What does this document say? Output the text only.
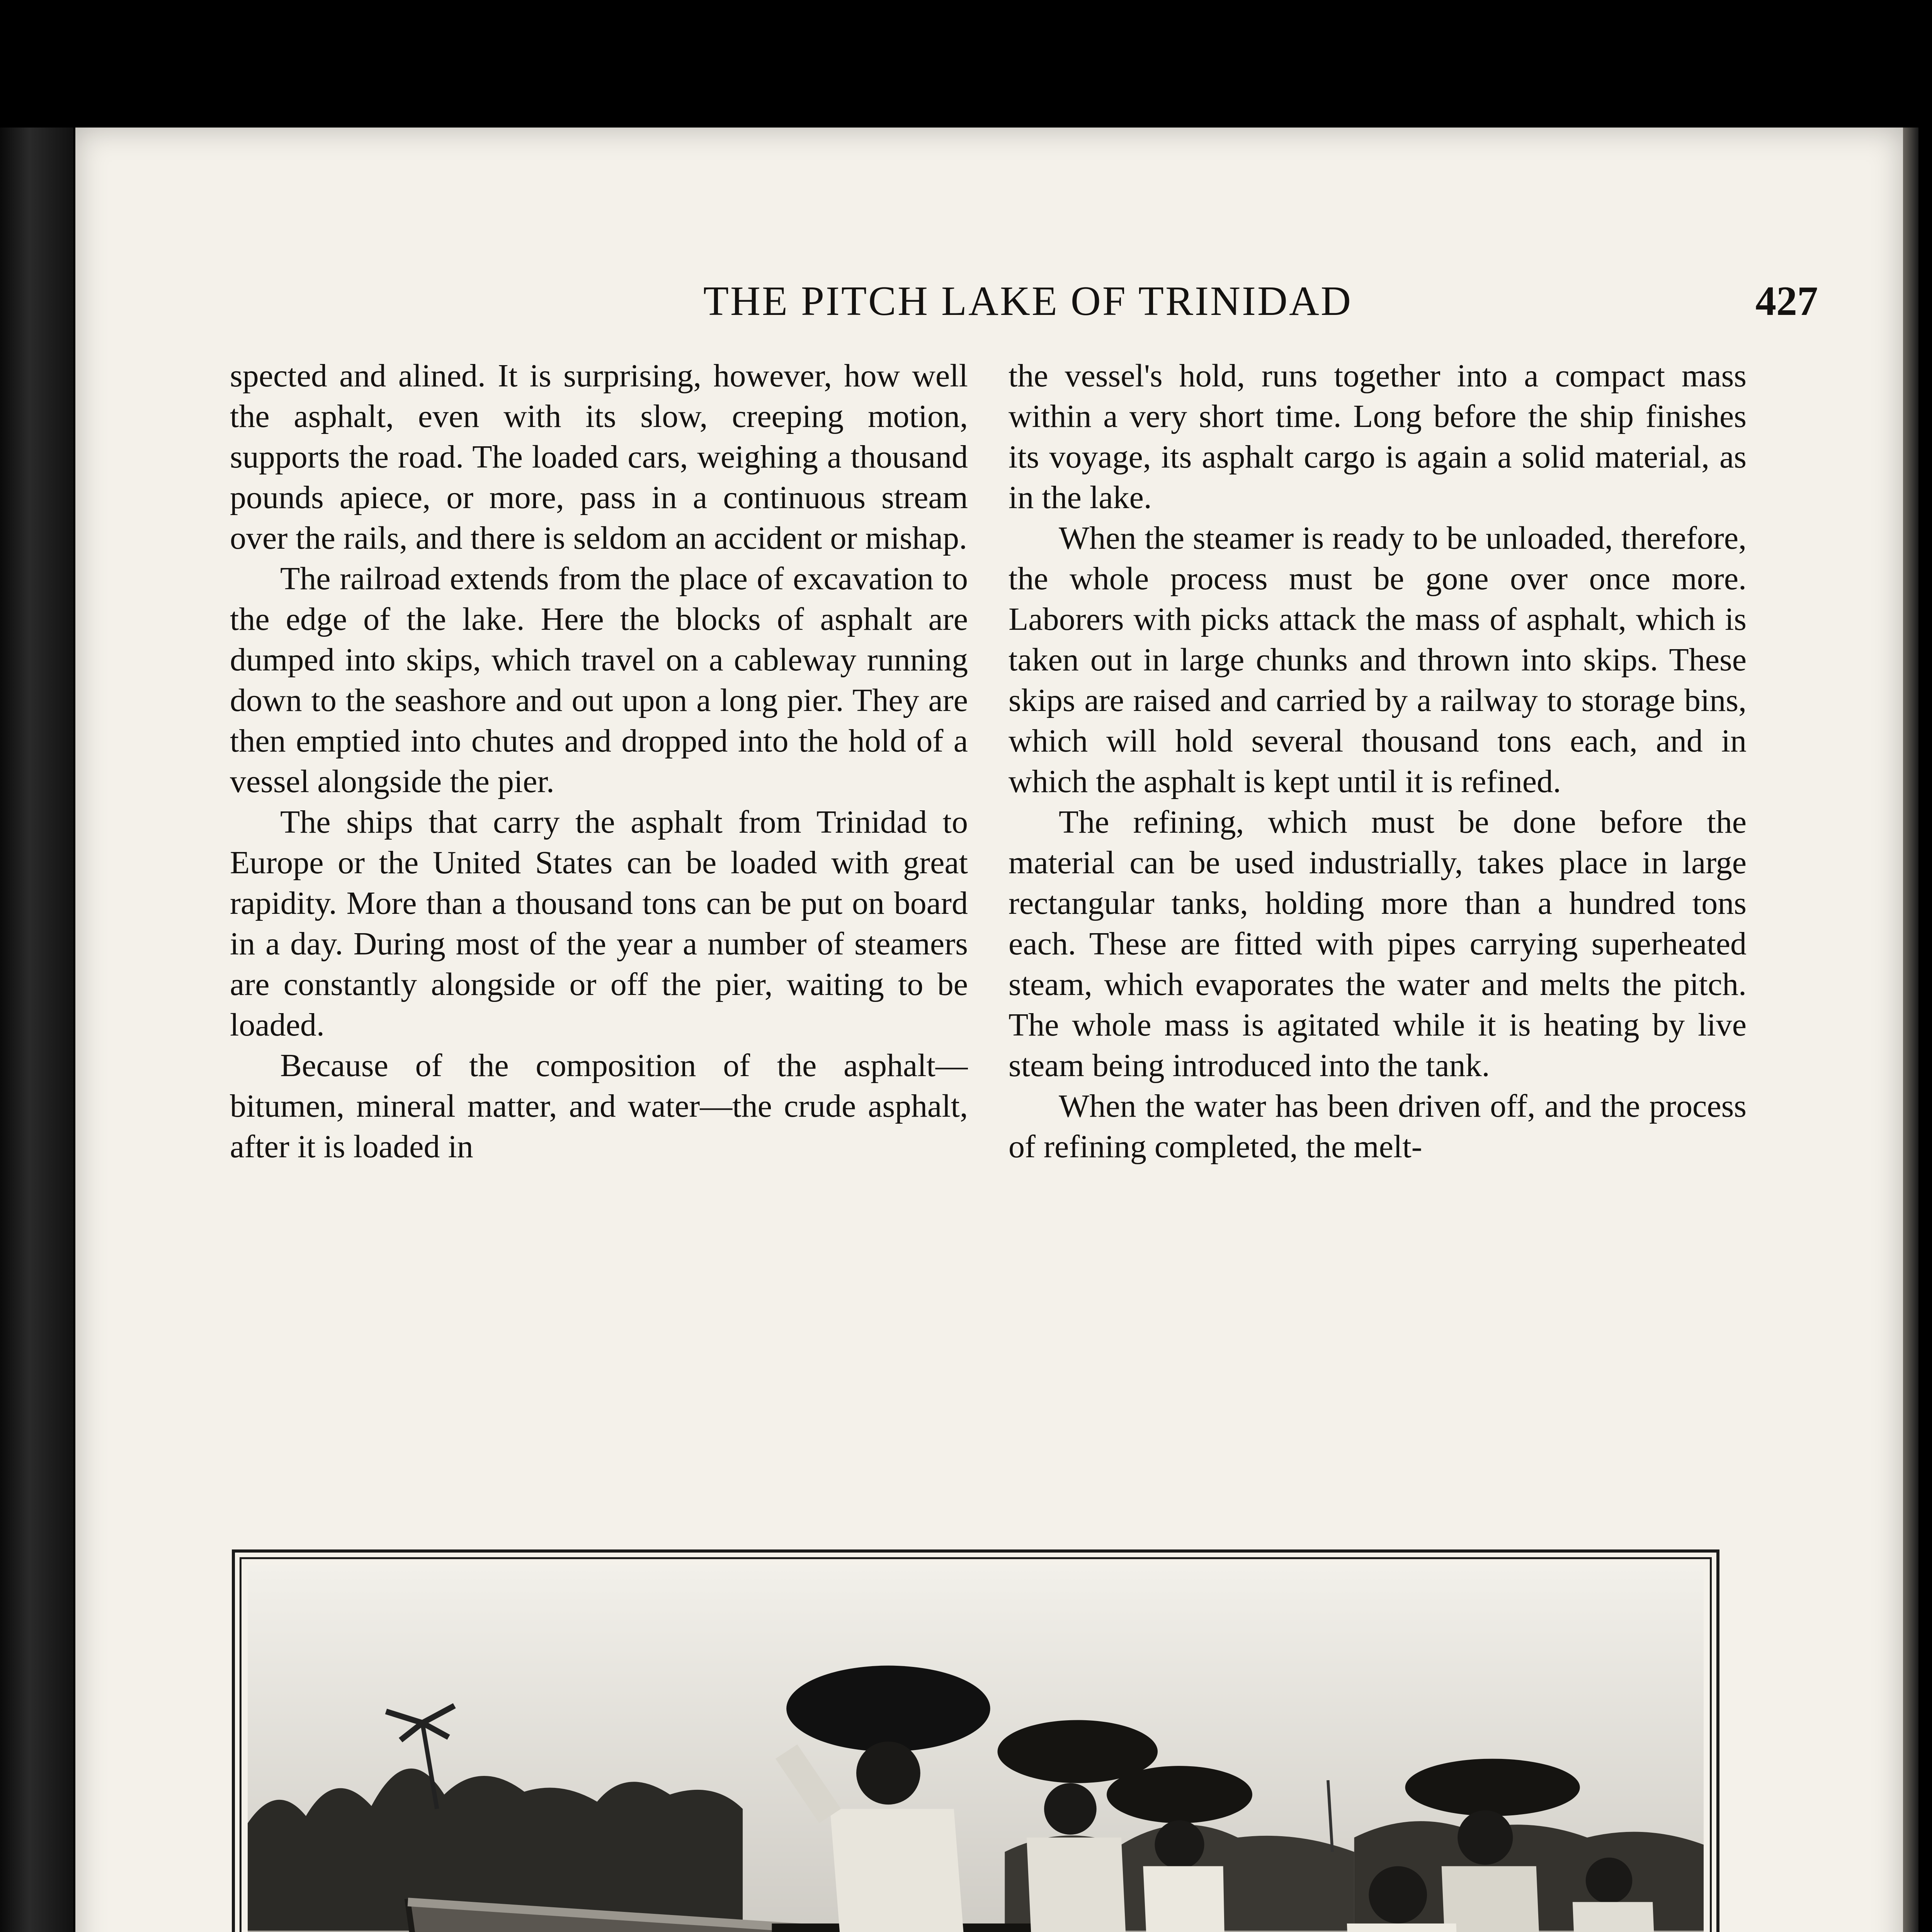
THE PITCH LAKE OF TRINIDAD	427

spected and alined. It is surprising, however, how well the asphalt, even with its slow, creeping motion, supports the road. The loaded cars, weighing a thousand pounds apiece, or more, pass in a continuous stream over the rails, and there is seldom an accident or mishap.

The railroad extends from the place of excavation to the edge of the lake. Here the blocks of asphalt are dumped into skips, which travel on a cableway running down to the seashore and out upon a long pier. They are then emptied into chutes and dropped into the hold of a vessel alongside the pier.

The ships that carry the asphalt from Trinidad to Europe or the United States can be loaded with great rapidity. More than a thousand tons can be put on board in a day. During most of the year a number of steamers are constantly alongside or off the pier, waiting to be loaded.

Because of the composition of the asphalt—bitumen, mineral matter, and water—the crude asphalt, after it is loaded in

the vessel's hold, runs together into a compact mass within a very short time. Long before the ship finishes its voyage, its asphalt cargo is again a solid material, as in the lake.

When the steamer is ready to be unloaded, therefore, the whole process must be gone over once more. Laborers with picks attack the mass of asphalt, which is taken out in large chunks and thrown into skips. These skips are raised and carried by a railway to storage bins, which will hold several thousand tons each, and in which the asphalt is kept until it is refined.

The refining, which must be done before the material can be used industrially, takes place in large rectangular tanks, holding more than a hundred tons each. These are fitted with pipes carrying superheated steam, which evaporates the water and melts the pitch. The whole mass is agitated while it is heating by live steam being introduced into the tank.

When the water has been driven off, and the process of refining completed, the melt-
